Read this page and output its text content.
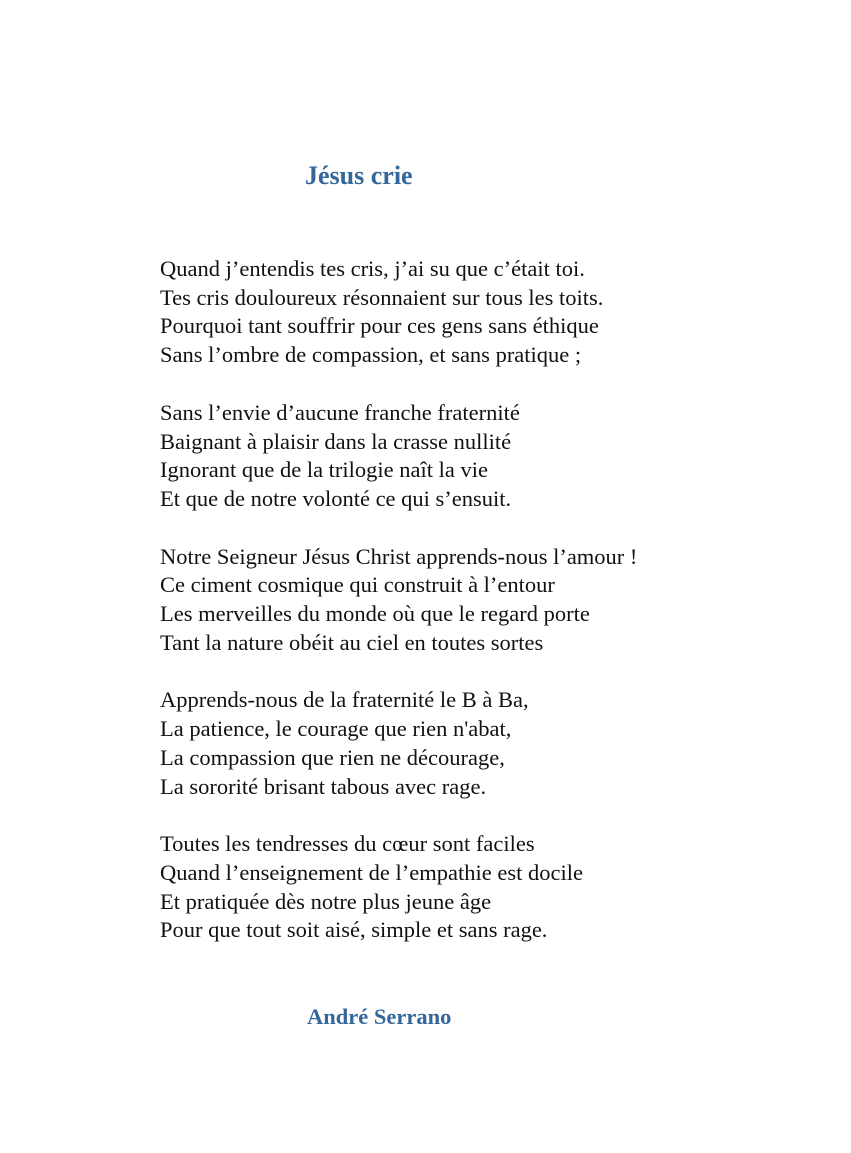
Jésus crie
Quand j’entendis tes cris, j’ai su que c’était toi.
Tes cris douloureux résonnaient sur tous les toits.
Pourquoi tant souffrir pour ces gens sans éthique
Sans l’ombre de compassion, et sans pratique ;
Sans l’envie d’aucune franche fraternité
Baignant à plaisir dans la crasse nullité
Ignorant que de la trilogie naît la vie
Et que de notre volonté ce qui s’ensuit.
Notre Seigneur Jésus Christ apprends-nous l’amour !
Ce ciment cosmique qui construit à l’entour
Les merveilles du monde où que le regard porte
Tant la nature obéit au ciel en toutes sortes
Apprends-nous de la fraternité le B à Ba,
La patience, le courage que rien n'abat,
La compassion que rien ne décourage,
La sororité brisant tabous avec rage.
Toutes les tendresses du cœur sont faciles
Quand l’enseignement de l’empathie est docile
Et pratiquée dès notre plus jeune âge
Pour que tout soit aisé, simple et sans rage.

André Serrano
